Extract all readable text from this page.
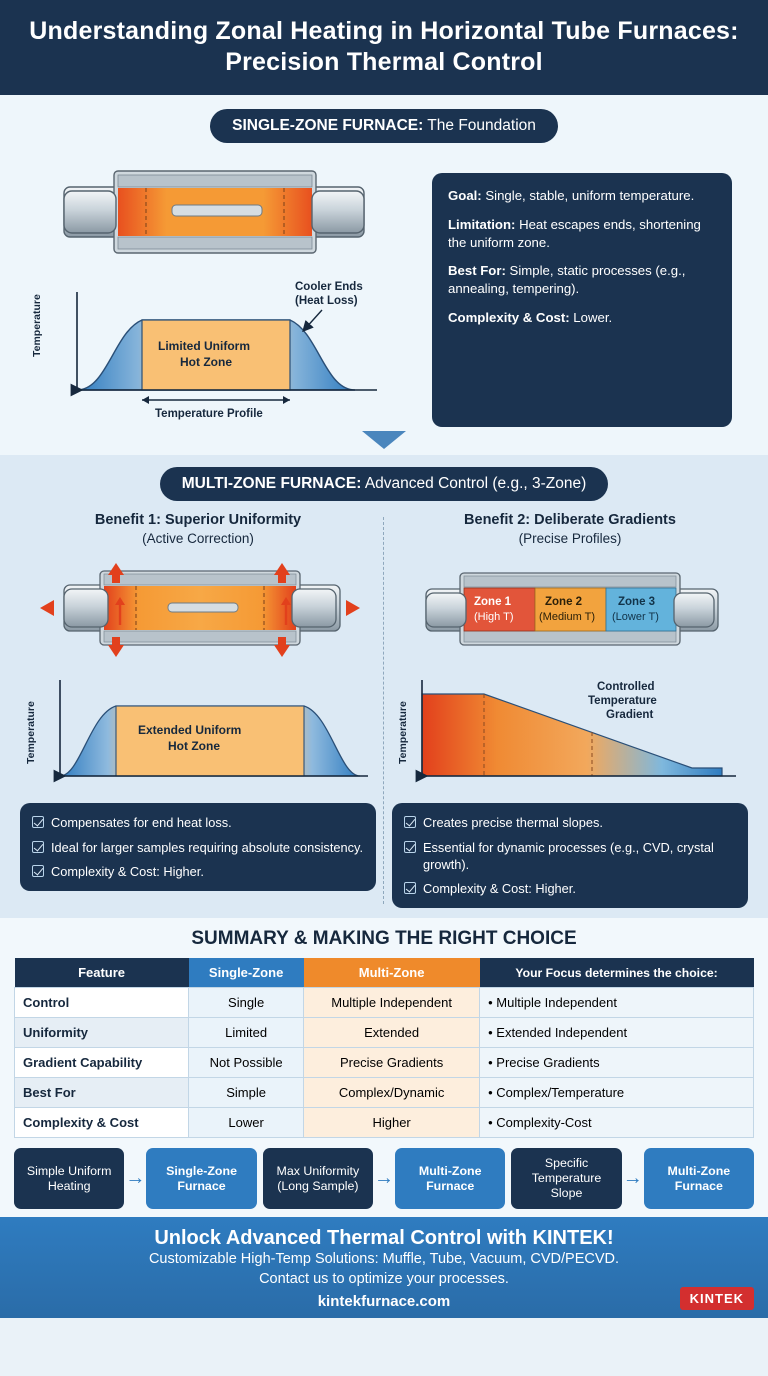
Understanding Zonal Heating in Horizontal Tube Furnaces: Precision Thermal Control
SINGLE-ZONE FURNACE: The Foundation

Temperature	Limited Uniform
Hot Zone
Cooler Ends
(Heat Loss)
Temperature Profile

Goal: Single, stable, uniform temperature.

Limitation: Heat escapes ends, shortening the uniform zone.

Best For: Simple, static processes (e.g., annealing, tempering).

Complexity & Cost: Lower.

MULTI-ZONE FURNACE: Advanced Control (e.g., 3-Zone)
Benefit 1: Superior Uniformity
(Active Correction)

Temperature	Extended Uniform
Hot Zone
Compensates for end heat loss.
Ideal for larger samples requiring absolute consistency.
Complexity & Cost: Higher.
Benefit 2: Deliberate Gradients
(Precise Profiles)
Zone 1
(High T)
Zone 2
(Medium T)
Zone 3
(Lower T)

Temperature
Controlled
Temperature
Gradient
Creates precise thermal slopes.
Essential for dynamic processes (e.g., CVD, crystal growth).
Complexity & Cost: Higher.
SUMMARY & MAKING THE RIGHT CHOICE
Feature	Single-Zone	Multi-Zone	Your Focus determines the choice:
Control	Single	Multiple Independent	• Multiple Independent
Uniformity	Limited	Extended	• Extended Independent
Gradient Capability	Not Possible	Precise Gradients	• Precise Gradients
Best For	Simple	Complex/Dynamic	• Complex/Temperature
Complexity & Cost	Lower	Higher	• Complexity-Cost
Simple Uniform Heating	→	Single-Zone Furnace
Max Uniformity (Long Sample) →	Multi-Zone Furnace
Specific Temperature Slope
→	Multi-Zone Furnace
Unlock Advanced Thermal Control with KINTEK!

Customizable High-Temp Solutions: Muffle, Tube, Vacuum, CVD/PECVD.

Contact us to optimize your processes.

kintekfurnace.com	KINTEK
